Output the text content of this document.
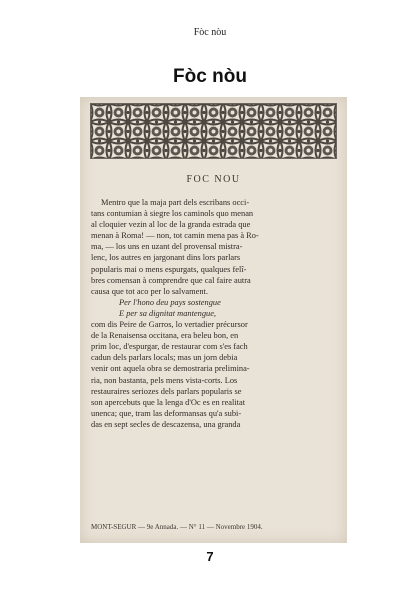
Fòc nòu
Fòc nòu
FOC NOU
Mentro que la maja part dels escribans occi-
tans contumian à siegre los caminols quo menan
al cloquier vezin al loc de la granda estrada que
menan à Roma! — non, tot camin mena pas à Ro-
ma, — los uns en uzant del provensal mistra-
lenc, los autres en jargonant dins lors parlars
popularis mai o mens espurgats, qualques felî-
bres comensan à comprendre que cal faire autra
causa que tot aco per lo salvament.
Per l'hono deu pays sostengue
E per sa dignitat mantengue,
com dis Peire de Garros, lo vertadier précursor
de la Renaisensa occitana, era beleu bon, en
prim loc, d'espurgar, de restaurar com s'es fach
cadun dels parlars locals; mas un jorn debia
venir ont aquela obra se demostraria prelimina-
ria, non bastanta, pels mens vista-corts. Los
restauraires seriozes dels parlars popularis se
son apercebuts que la lenga d'Oc es en realitat
unenca; que, tram las deformansas qu'a subi-
das en sept secles de descazensa, una granda
MONT-SEGUR — 9e Annada. — N° 11 — Novembre 1904.
7
